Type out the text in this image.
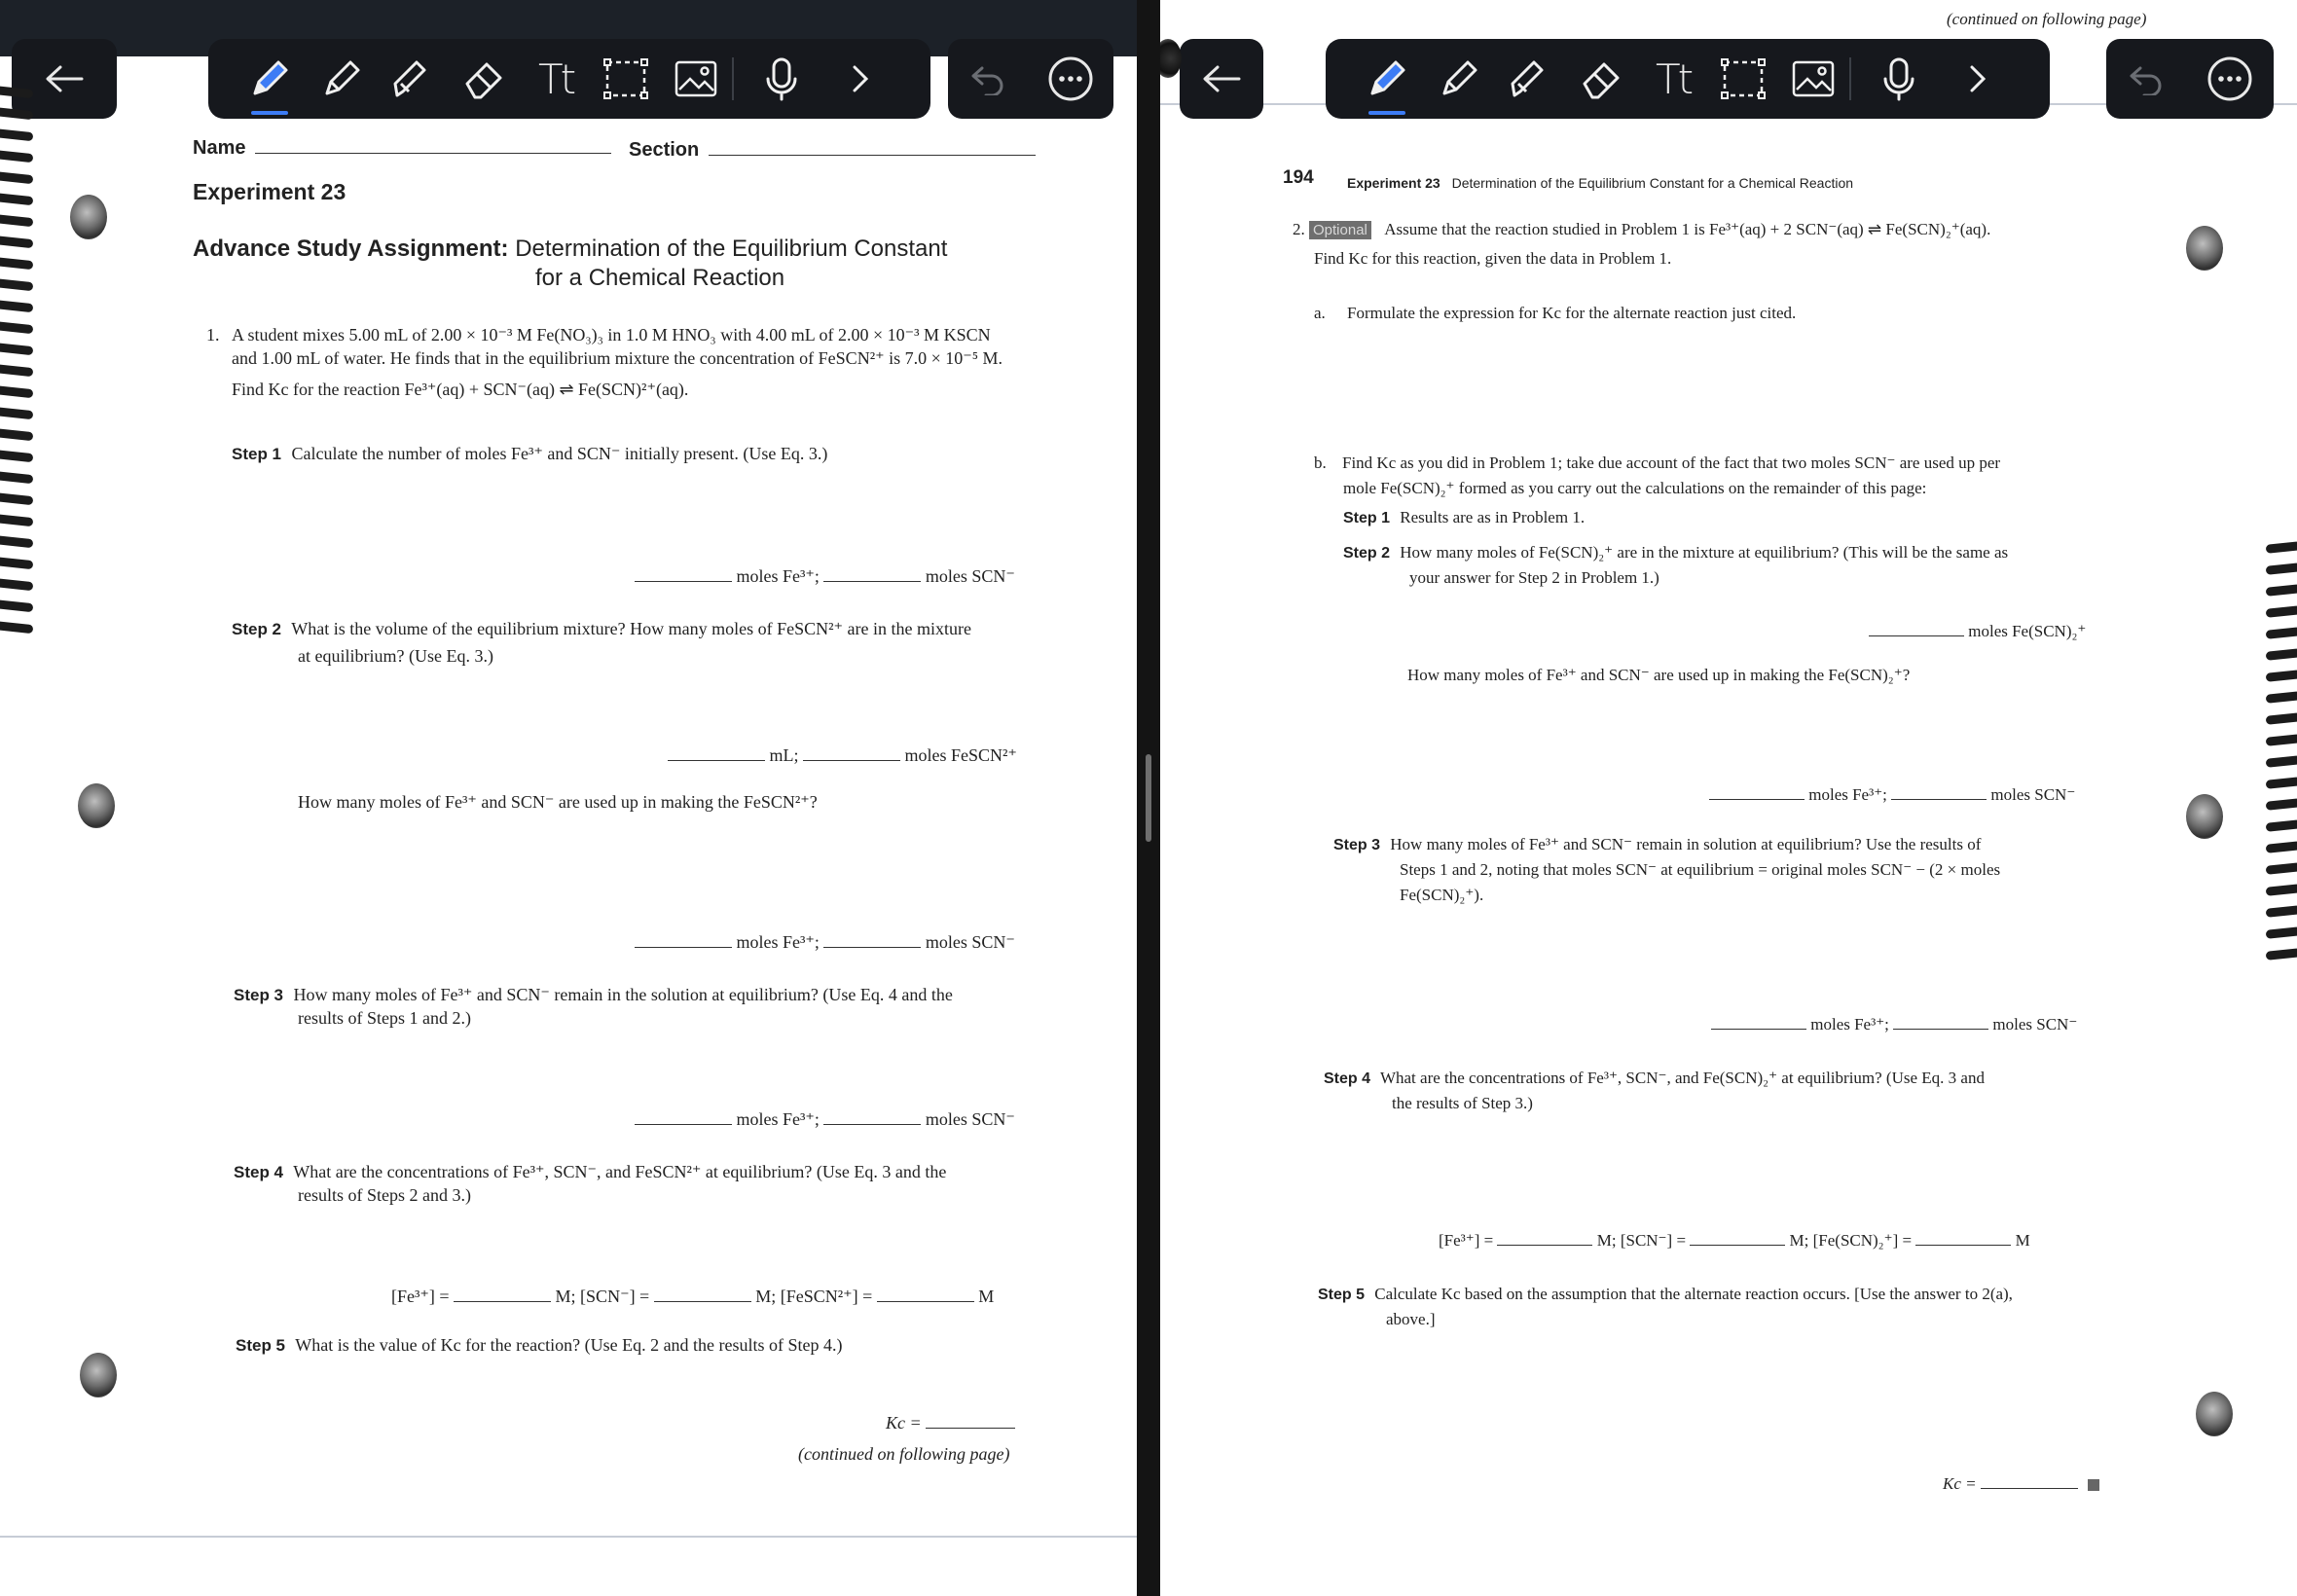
Tt
Name	Section
Experiment 23
Advance Study Assignment: Determination of the Equilibrium Constant
for a Chemical Reaction
1. A student mixes 5.00 mL of 2.00 × 10⁻³ M Fe(NO₃)₃ in 1.0 M HNO₃ with 4.00 mL of 2.00 × 10⁻³ M KSCN
and 1.00 mL of water. He finds that in the equilibrium mixture the concentration of FeSCN²⁺ is 7.0 × 10⁻⁵ M.
Find Kc for the reaction Fe³⁺(aq) + SCN⁻(aq) ⇌ Fe(SCN)²⁺(aq).
Step 1 Calculate the number of moles Fe³⁺ and SCN⁻ initially present. (Use Eq. 3.)
moles Fe³⁺;	moles SCN⁻
Step 2 What is the volume of the equilibrium mixture? How many moles of FeSCN²⁺ are in the mixture
at equilibrium? (Use Eq. 3.)
mL;	moles FeSCN²⁺
How many moles of Fe³⁺ and SCN⁻ are used up in making the FeSCN²⁺?
moles Fe³⁺;	moles SCN⁻
Step 3 How many moles of Fe³⁺ and SCN⁻ remain in the solution at equilibrium? (Use Eq. 4 and the
results of Steps 1 and 2.)
moles Fe³⁺;	moles SCN⁻
Step 4 What are the concentrations of Fe³⁺, SCN⁻, and FeSCN²⁺ at equilibrium? (Use Eq. 3 and the
results of Steps 2 and 3.)
[Fe³⁺] =	M; [SCN⁻] =	M; [FeSCN²⁺] =	M
Step 5 What is the value of Kc for the reaction? (Use Eq. 2 and the results of Step 4.)
Kc =
(continued on following page)
(continued on following page)
Tt
194 Experiment 23 Determination of the Equilibrium Constant for a Chemical Reaction
2. Optional Assume that the reaction studied in Problem 1 is Fe³⁺(aq) + 2 SCN⁻(aq) ⇌ Fe(SCN)₂⁺(aq).
Find Kc for this reaction, given the data in Problem 1.
a. Formulate the expression for Kc for the alternate reaction just cited.
b. Find Kc as you did in Problem 1; take due account of the fact that two moles SCN⁻ are used up per
mole Fe(SCN)₂⁺ formed as you carry out the calculations on the remainder of this page:
Step 1 Results are as in Problem 1.
Step 2 How many moles of Fe(SCN)₂⁺ are in the mixture at equilibrium? (This will be the same as
your answer for Step 2 in Problem 1.)
moles Fe(SCN)₂⁺
How many moles of Fe³⁺ and SCN⁻ are used up in making the Fe(SCN)₂⁺?
moles Fe³⁺;	moles SCN⁻
Step 3 How many moles of Fe³⁺ and SCN⁻ remain in solution at equilibrium? Use the results of
Steps 1 and 2, noting that moles SCN⁻ at equilibrium = original moles SCN⁻ − (2 × moles
Fe(SCN)₂⁺).
moles Fe³⁺;	moles SCN⁻
Step 4 What are the concentrations of Fe³⁺, SCN⁻, and Fe(SCN)₂⁺ at equilibrium? (Use Eq. 3 and
the results of Step 3.)
[Fe³⁺] =	M; [SCN⁻] =	M; [Fe(SCN)₂⁺] =	M
Step 5 Calculate Kc based on the assumption that the alternate reaction occurs. [Use the answer to 2(a),
above.]
Kc =
